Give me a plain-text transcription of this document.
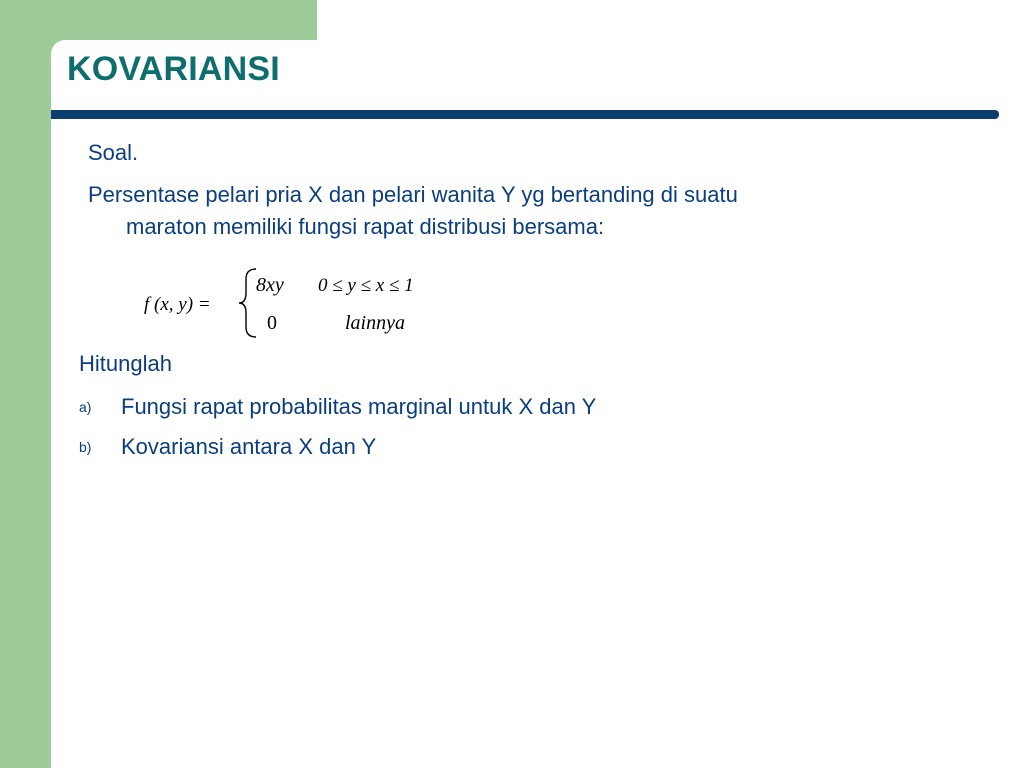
KOVARIANSI
Soal.
Persentase pelari pria X dan pelari wanita Y yg bertanding di suatu
maraton memiliki fungsi rapat distribusi bersama:
f (x, y) =
8xy 0 ≤ y ≤ x ≤ 1
0	lainnya
Hitunglah
a) Fungsi rapat probabilitas marginal untuk X dan Y
b) Kovariansi antara X dan Y
